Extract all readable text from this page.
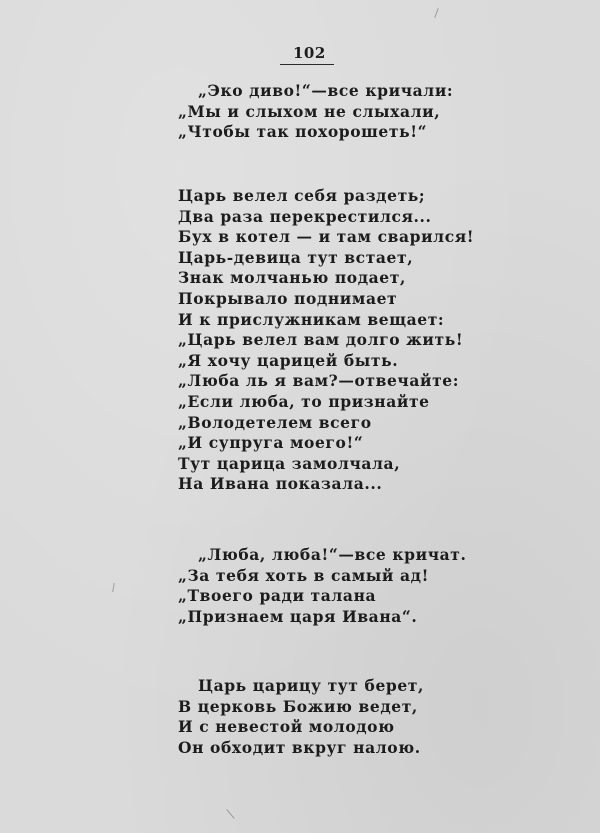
102
„Эко диво!“—все кричали:
„Мы и слыхом не слыхали,
„Чтобы так похорошеть!“
Царь велел себя раздеть;
Два раза перекрестился...
Бух в котел — и там сварился!
Царь-девица тут встает,
Знак молчанью подает,
Покрывало поднимает
И к прислужникам вещает:
„Царь велел вам долго жить!
„Я хочу царицей быть.
„Люба ль я вам?—отвечайте:
„Если люба, то признайте
„Володетелем всего
„И супруга моего!“
Тут царица замолчала,
На Ивана показала...
„Люба, люба!“—все кричат.
„За тебя хоть в самый ад!
„Твоего ради талана
„Признаем царя Ивана“.
Царь царицу тут берет,
В церковь Божию ведет,
И с невестой молодою
Он обходит вкруг налою.
